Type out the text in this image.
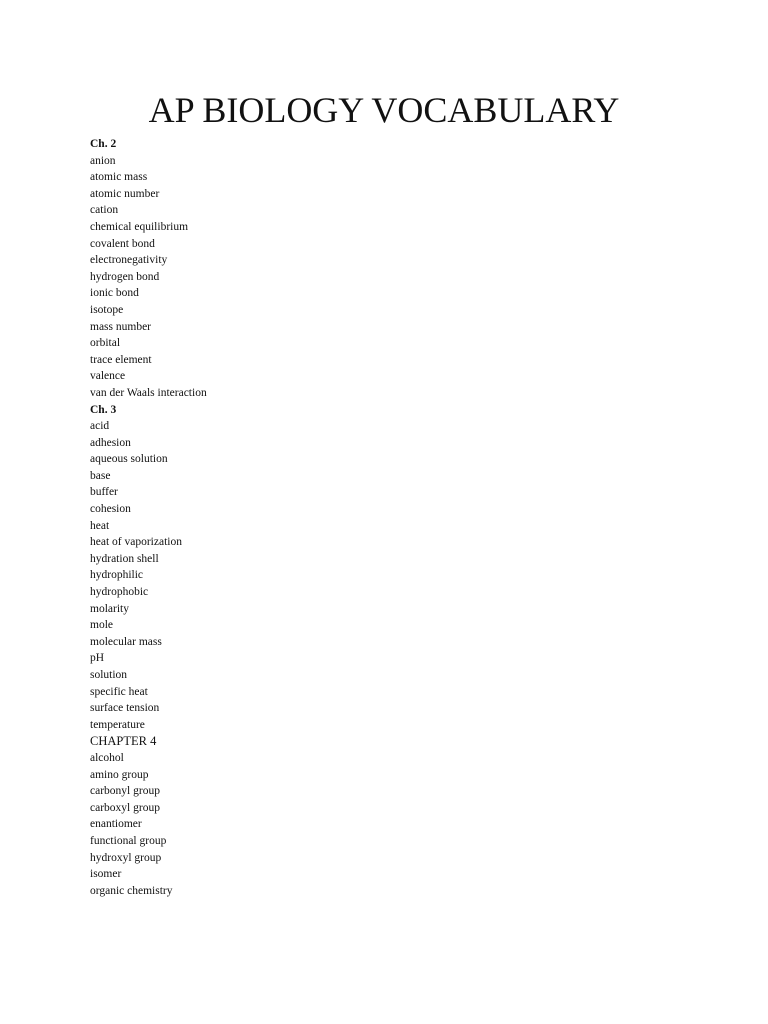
AP BIOLOGY VOCABULARY
Ch. 2
anion
atomic mass
atomic number
cation
chemical equilibrium
covalent bond
electronegativity
hydrogen bond
ionic bond
isotope
mass number
orbital
trace element
valence
van der Waals interaction
Ch. 3
acid
adhesion
aqueous solution
base
buffer
cohesion
heat
heat of vaporization
hydration shell
hydrophilic
hydrophobic
molarity
mole
molecular mass
pH
solution
specific heat
surface tension
temperature
CHAPTER 4
alcohol
amino group
carbonyl group
carboxyl group
enantiomer
functional group
hydroxyl group
isomer
organic chemistry
